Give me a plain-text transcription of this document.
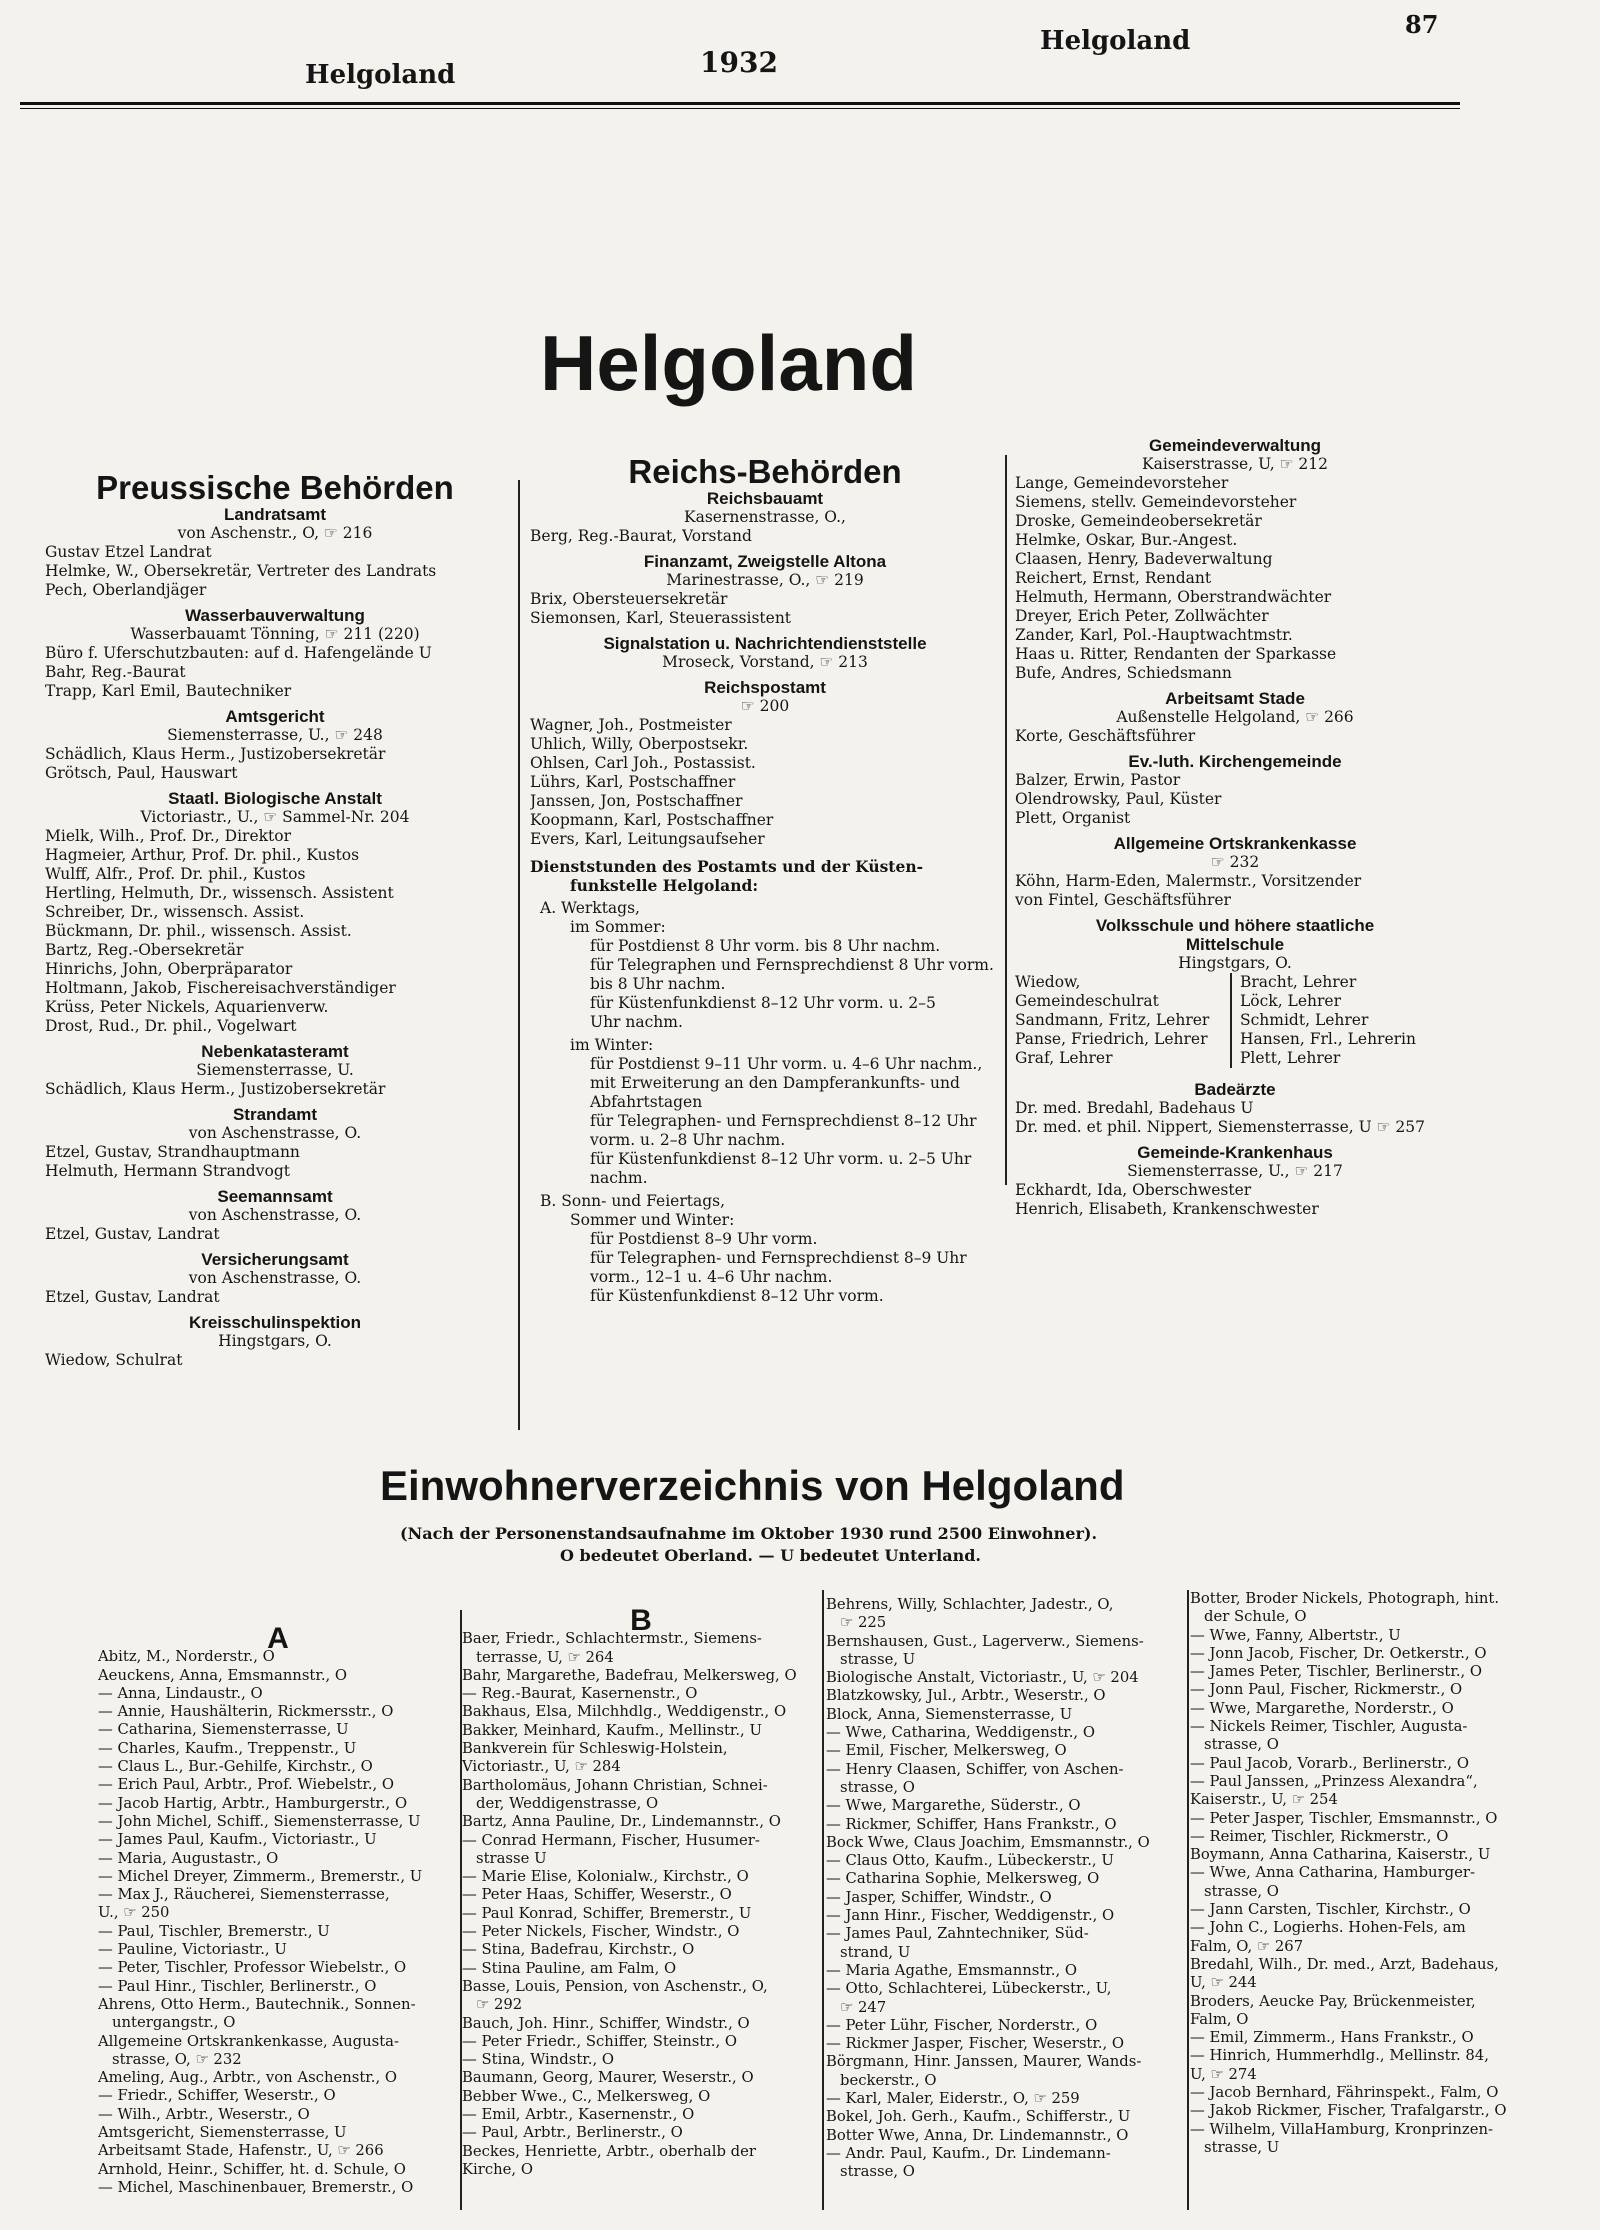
Helgoland	1932
Helgoland
87
Helgoland
Preussische Behörden
Landratsamt
von Aschenstr., O, ☞ 216
Gustav Etzel Landrat
Helmke, W., Obersekretär, Vertreter des Landrats
Pech, Oberlandjäger
Wasserbauverwaltung
Wasserbauamt Tönning, ☞ 211 (220)
Büro f. Uferschutzbauten: auf d. Hafengelände U
Bahr, Reg.-Baurat
Trapp, Karl Emil, Bautechniker
Amtsgericht
Siemensterrasse, U., ☞ 248
Schädlich, Klaus Herm., Justizobersekretär
Grötsch, Paul, Hauswart
Staatl. Biologische Anstalt
Victoriastr., U., ☞ Sammel-Nr. 204
Mielk, Wilh., Prof. Dr., Direktor
Hagmeier, Arthur, Prof. Dr. phil., Kustos
Wulff, Alfr., Prof. Dr. phil., Kustos
Hertling, Helmuth, Dr., wissensch. Assistent
Schreiber, Dr., wissensch. Assist.
Bückmann, Dr. phil., wissensch. Assist.
Bartz, Reg.-Obersekretär
Hinrichs, John, Oberpräparator
Holtmann, Jakob, Fischereisachverständiger
Krüss, Peter Nickels, Aquarienverw.
Drost, Rud., Dr. phil., Vogelwart
Nebenkatasteramt
Siemensterrasse, U.
Schädlich, Klaus Herm., Justizobersekretär
Strandamt
von Aschenstrasse, O.
Etzel, Gustav, Strandhauptmann
Helmuth, Hermann Strandvogt
Seemannsamt
von Aschenstrasse, O.
Etzel, Gustav, Landrat
Versicherungsamt
von Aschenstrasse, O.
Etzel, Gustav, Landrat
Kreisschulinspektion
Hingstgars, O.
Wiedow, Schulrat
Reichs-Behörden
Reichsbauamt
Kasernenstrasse, O.,
Berg, Reg.-Baurat, Vorstand
Finanzamt, Zweigstelle Altona
Marinestrasse, O., ☞ 219
Brix, Obersteuersekretär
Siemonsen, Karl, Steuerassistent
Signalstation u. Nachrichtendienststelle
Mroseck, Vorstand, ☞ 213
Reichspostamt
☞ 200
Wagner, Joh., Postmeister
Uhlich, Willy, Oberpostsekr.
Ohlsen, Carl Joh., Postassist.
Lührs, Karl, Postschaffner
Janssen, Jon, Postschaffner
Koopmann, Karl, Postschaffner
Evers, Karl, Leitungsaufseher
Dienststunden des Postamts und der Küsten-
funkstelle Helgoland:
A. Werktags,
im Sommer:
für Postdienst 8 Uhr vorm. bis 8 Uhr nachm.
für Telegraphen und Fernsprechdienst 8 Uhr vorm.
bis 8 Uhr nachm.
für Küstenfunkdienst 8–12 Uhr vorm. u. 2–5
Uhr nachm.
im Winter:
für Postdienst 9–11 Uhr vorm. u. 4–6 Uhr nachm.,
mit Erweiterung an den Dampferankunfts- und
Abfahrtstagen
für Telegraphen- und Fernsprechdienst 8–12 Uhr
vorm. u. 2–8 Uhr nachm.
für Küstenfunkdienst 8–12 Uhr vorm. u. 2–5 Uhr
nachm.
B. Sonn- und Feiertags,
Sommer und Winter:
für Postdienst 8–9 Uhr vorm.
für Telegraphen- und Fernsprechdienst 8–9 Uhr
vorm., 12–1 u. 4–6 Uhr nachm.
für Küstenfunkdienst 8–12 Uhr vorm.
Gemeindeverwaltung
Kaiserstrasse, U, ☞ 212
Lange, Gemeindevorsteher
Siemens, stellv. Gemeindevorsteher
Droske, Gemeindeobersekretär
Helmke, Oskar, Bur.-Angest.
Claasen, Henry, Badeverwaltung
Reichert, Ernst, Rendant
Helmuth, Hermann, Oberstrandwächter
Dreyer, Erich Peter, Zollwächter
Zander, Karl, Pol.-Hauptwachtmstr.
Haas u. Ritter, Rendanten der Sparkasse
Bufe, Andres, Schiedsmann
Arbeitsamt Stade
Außenstelle Helgoland, ☞ 266
Korte, Geschäftsführer
Ev.-luth. Kirchengemeinde
Balzer, Erwin, Pastor
Olendrowsky, Paul, Küster
Plett, Organist
Allgemeine Ortskrankenkasse
☞ 232
Köhn, Harm-Eden, Malermstr., Vorsitzender
von Fintel, Geschäftsführer
Volksschule und höhere staatliche
Mittelschule
Hingstgars, O.
Wiedow,
Gemeindeschulrat
Sandmann, Fritz, Lehrer
Panse, Friedrich, Lehrer
Graf, Lehrer
Bracht, Lehrer
Löck, Lehrer
Schmidt, Lehrer
Hansen, Frl., Lehrerin
Plett, Lehrer
Badeärzte
Dr. med. Bredahl, Badehaus U
Dr. med. et phil. Nippert, Siemensterrasse, U ☞ 257
Gemeinde-Krankenhaus
Siemensterrasse, U., ☞ 217
Eckhardt, Ida, Oberschwester
Henrich, Elisabeth, Krankenschwester
Einwohnerverzeichnis von Helgoland
(Nach der Personenstandsaufnahme im Oktober 1930 rund 2500 Einwohner).
O bedeutet Oberland. — U bedeutet Unterland.
A
Abitz, M., Norderstr., O
Aeuckens, Anna, Emsmannstr., O
— Anna, Lindaustr., O
— Annie, Haushälterin, Rickmersstr., O
— Catharina, Siemensterrasse, U
— Charles, Kaufm., Treppenstr., U
— Claus L., Bur.-Gehilfe, Kirchstr., O
— Erich Paul, Arbtr., Prof. Wiebelstr., O
— Jacob Hartig, Arbtr., Hamburgerstr., O
— John Michel, Schiff., Siemensterrasse, U
— James Paul, Kaufm., Victoriastr., U
— Maria, Augustastr., O
— Michel Dreyer, Zimmerm., Bremerstr., U
— Max J., Räucherei, Siemensterrasse,
U., ☞ 250
— Paul, Tischler, Bremerstr., U
— Pauline, Victoriastr., U
— Peter, Tischler, Professor Wiebelstr., O
— Paul Hinr., Tischler, Berlinerstr., O
Ahrens, Otto Herm., Bautechnik., Sonnen-
untergangstr., O
Allgemeine Ortskrankenkasse, Augusta-
strasse, O, ☞ 232
Ameling, Aug., Arbtr., von Aschenstr., O
— Friedr., Schiffer, Weserstr., O
— Wilh., Arbtr., Weserstr., O
Amtsgericht, Siemensterrasse, U
Arbeitsamt Stade, Hafenstr., U, ☞ 266
Arnhold, Heinr., Schiffer, ht. d. Schule, O
— Michel, Maschinenbauer, Bremerstr., O
B
Baer, Friedr., Schlachtermstr., Siemens-
terrasse, U, ☞ 264
Bahr, Margarethe, Badefrau, Melkersweg, O
— Reg.-Baurat, Kasernenstr., O
Bakhaus, Elsa, Milchhdlg., Weddigenstr., O
Bakker, Meinhard, Kaufm., Mellinstr., U
Bankverein für Schleswig-Holstein,
Victoriastr., U, ☞ 284
Bartholomäus, Johann Christian, Schnei-
der, Weddigenstrasse, O
Bartz, Anna Pauline, Dr., Lindemannstr., O
— Conrad Hermann, Fischer, Husumer-
strasse U
— Marie Elise, Kolonialw., Kirchstr., O
— Peter Haas, Schiffer, Weserstr., O
— Paul Konrad, Schiffer, Bremerstr., U
— Peter Nickels, Fischer, Windstr., O
— Stina, Badefrau, Kirchstr., O
— Stina Pauline, am Falm, O
Basse, Louis, Pension, von Aschenstr., O,
☞ 292
Bauch, Joh. Hinr., Schiffer, Windstr., O
— Peter Friedr., Schiffer, Steinstr., O
— Stina, Windstr., O
Baumann, Georg, Maurer, Weserstr., O
Bebber Wwe., C., Melkersweg, O
— Emil, Arbtr., Kasernenstr., O
— Paul, Arbtr., Berlinerstr., O
Beckes, Henriette, Arbtr., oberhalb der
Kirche, O
Behrens, Willy, Schlachter, Jadestr., O,
☞ 225
Bernshausen, Gust., Lagerverw., Siemens-
strasse, U
Biologische Anstalt, Victoriastr., U, ☞ 204
Blatzkowsky, Jul., Arbtr., Weserstr., O
Block, Anna, Siemensterrasse, U
— Wwe, Catharina, Weddigenstr., O
— Emil, Fischer, Melkersweg, O
— Henry Claasen, Schiffer, von Aschen-
strasse, O
— Wwe, Margarethe, Süderstr., O
— Rickmer, Schiffer, Hans Frankstr., O
Bock Wwe, Claus Joachim, Emsmannstr., O
— Claus Otto, Kaufm., Lübeckerstr., U
— Catharina Sophie, Melkersweg, O
— Jasper, Schiffer, Windstr., O
— Jann Hinr., Fischer, Weddigenstr., O
— James Paul, Zahntechniker, Süd-
strand, U
— Maria Agathe, Emsmannstr., O
— Otto, Schlachterei, Lübeckerstr., U,
☞ 247
— Peter Lühr, Fischer, Norderstr., O
— Rickmer Jasper, Fischer, Weserstr., O
Börgmann, Hinr. Janssen, Maurer, Wands-
beckerstr., O
— Karl, Maler, Eiderstr., O, ☞ 259
Bokel, Joh. Gerh., Kaufm., Schifferstr., U
Botter Wwe, Anna, Dr. Lindemannstr., O
— Andr. Paul, Kaufm., Dr. Lindemann-
strasse, O
Botter, Broder Nickels, Photograph, hint.
der Schule, O
— Wwe, Fanny, Albertstr., U
— Jonn Jacob, Fischer, Dr. Oetkerstr., O
— James Peter, Tischler, Berlinerstr., O
— Jonn Paul, Fischer, Rickmerstr., O
— Wwe, Margarethe, Norderstr., O
— Nickels Reimer, Tischler, Augusta-
strasse, O
— Paul Jacob, Vorarb., Berlinerstr., O
— Paul Janssen, „Prinzess Alexandra“,
Kaiserstr., U, ☞ 254
— Peter Jasper, Tischler, Emsmannstr., O
— Reimer, Tischler, Rickmerstr., O
Boymann, Anna Catharina, Kaiserstr., U
— Wwe, Anna Catharina, Hamburger-
strasse, O
— Jann Carsten, Tischler, Kirchstr., O
— John C., Logierhs. Hohen-Fels, am
Falm, O, ☞ 267
Bredahl, Wilh., Dr. med., Arzt, Badehaus,
U, ☞ 244
Broders, Aeucke Pay, Brückenmeister,
Falm, O
— Emil, Zimmerm., Hans Frankstr., O
— Hinrich, Hummerhdlg., Mellinstr. 84,
U, ☞ 274
— Jacob Bernhard, Fährinspekt., Falm, O
— Jakob Rickmer, Fischer, Trafalgarstr., O
— Wilhelm, VillaHamburg, Kronprinzen-
strasse, U
